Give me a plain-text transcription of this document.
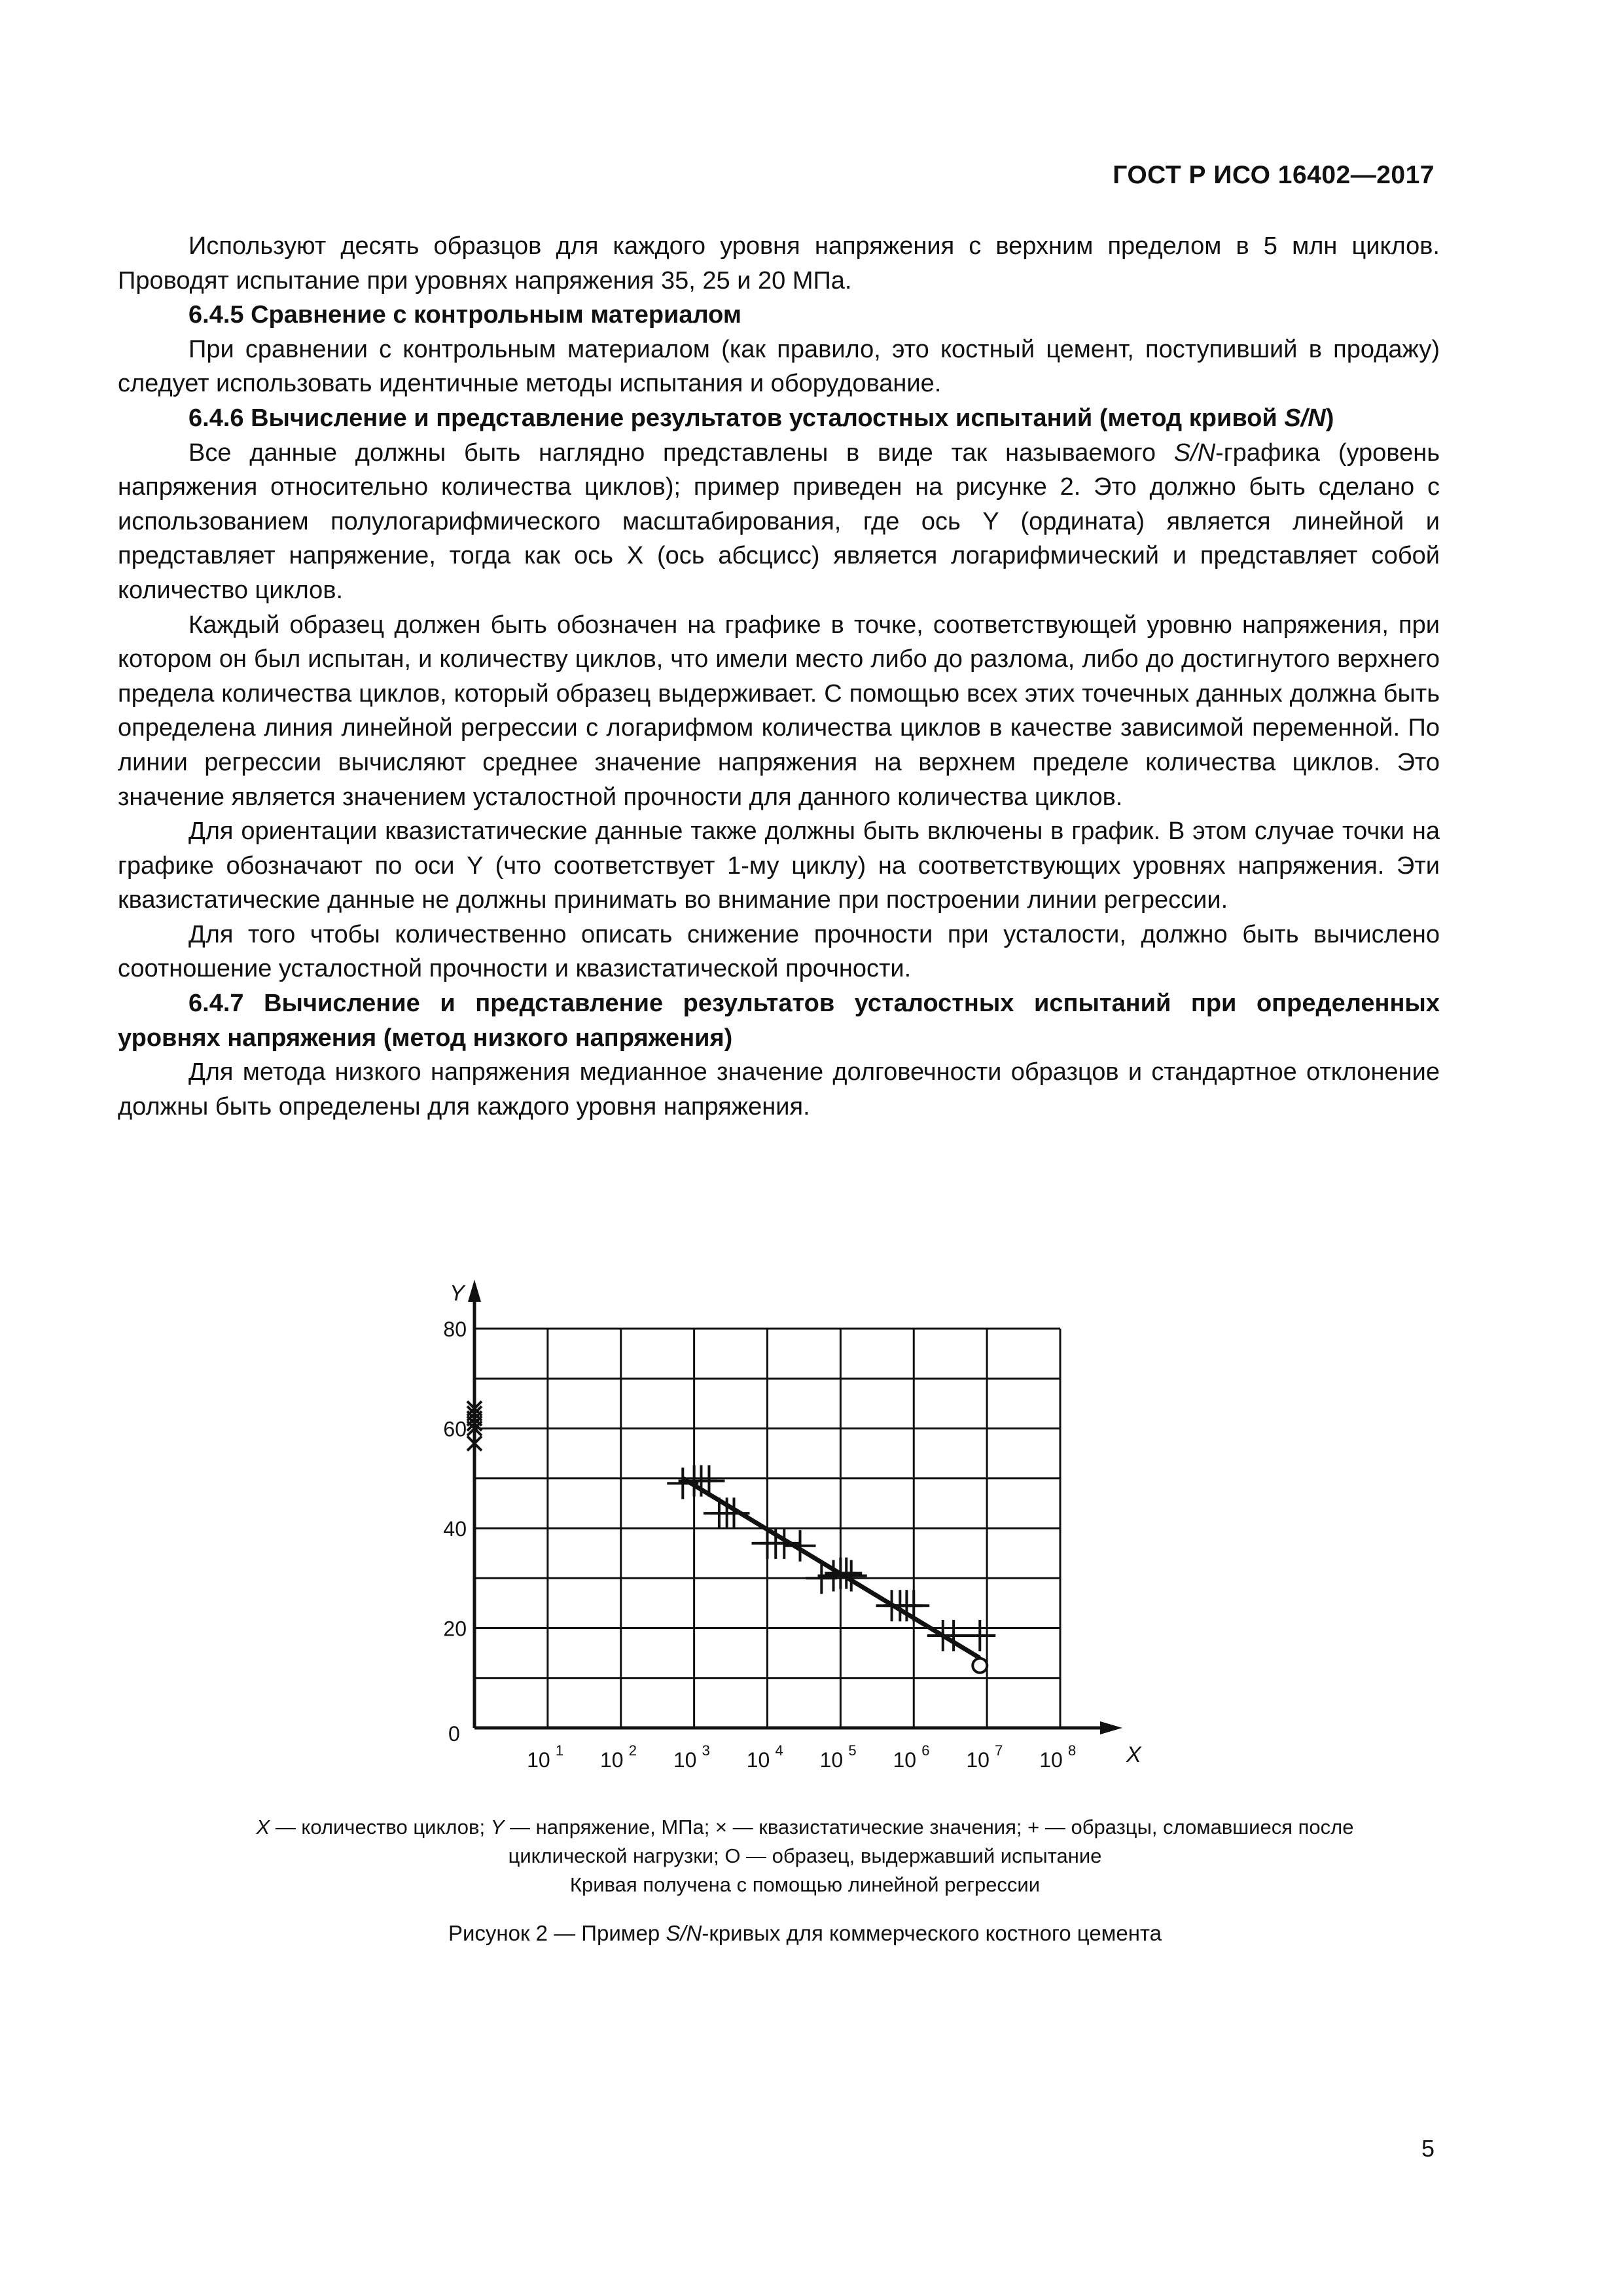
ГОСТ Р ИСО 16402—2017

Используют десять образцов для каждого уровня напряжения с верхним пределом в 5 млн циклов. Проводят испытание при уровнях напряжения 35, 25 и 20 МПа.

6.4.5 Сравнение с контрольным материалом

При сравнении с контрольным материалом (как правило, это костный цемент, поступивший в продажу) следует использовать идентичные методы испытания и оборудование.

6.4.6 Вычисление и представление результатов усталостных испытаний (метод кривой S/N)

Все данные должны быть наглядно представлены в виде так называемого S/N-графика (уровень напряжения относительно количества циклов); пример приведен на рисунке 2. Это должно быть сделано с использованием полулогарифмического масштабирования, где ось Y (ордината) является линейной и представляет напряжение, тогда как ось X (ось абсцисс) является логарифмический и представляет собой количество циклов.

Каждый образец должен быть обозначен на графике в точке, соответствующей уровню напряжения, при котором он был испытан, и количеству циклов, что имели место либо до разлома, либо до достигнутого верхнего предела количества циклов, который образец выдерживает. С помощью всех этих точечных данных должна быть определена линия линейной регрессии с логарифмом количества циклов в качестве зависимой переменной. По линии регрессии вычисляют среднее значение напряжения на верхнем пределе количества циклов. Это значение является значением усталостной прочности для данного количества циклов.

Для ориентации квазистатические данные также должны быть включены в график. В этом случае точки на графике обозначают по оси Y (что соответствует 1-му циклу) на соответствующих уровнях напряжения. Эти квазистатические данные не должны принимать во внимание при построении линии регрессии.

Для того чтобы количественно описать снижение прочности при усталости, должно быть вычислено соотношение усталостной прочности и квазистатической прочности.

6.4.7 Вычисление и представление результатов усталостных испытаний при определенных уровнях напряжения (метод низкого напряжения)

Для метода низкого напряжения медианное значение долговечности образцов и стандартное отклонение должны быть определены для каждого уровня напряжения.

Y
X
0
20
40
60
80
10 1 10 2 10 3 10 4 10 5 10 6 10 7 10 8
X — количество циклов; Y — напряжение, МПа; × — квазистатические значения; + — образцы, сломавшиеся после
циклической нагрузки; О — образец, выдержавший испытание
Кривая получена с помощью линейной регрессии
Рисунок 2 — Пример S/N-кривых для коммерческого костного цемента
5
